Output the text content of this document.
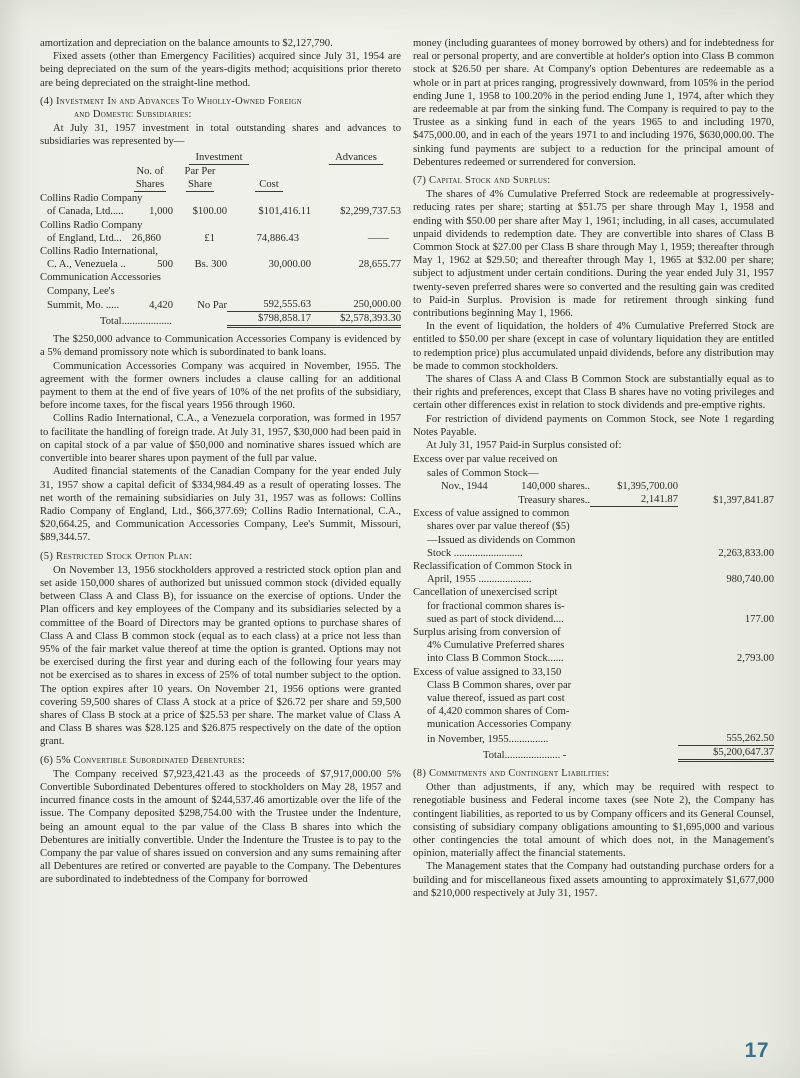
amortization and depreciation on the balance amounts to $2,127,790.

Fixed assets (other than Emergency Facilities) acquired since July 31, 1954 are being depreciated on the sum of the years-digits method; acquisitions prior thereto are being depreciated on the straight-line method.

(4) Investment In and Advances To Wholly-Owned Foreign
and Domestic Subsidiaries:

At July 31, 1957 investment in total outstanding shares and advances to subsidiaries was represented by—

Investment	Advances
No. of	Par Per
Shares	Share	Cost
Collins Radio Company
of Canada, Ltd.....	1,000	$100.00	$101,416.11	$2,299,737.53
Collins Radio Company
of England, Ltd... 26,860	£1	74,886.43	——
Collins Radio International,
C. A., Venezuela ..	500	Bs. 300	30,000.00	28,655.77
Communication Accessories
Company, Lee's
Summit, Mo. .....	4,420	No Par	592,555.63	250,000.00
Total...................	$798,858.17	$2,578,393.30

The $250,000 advance to Communication Accessories Company is evidenced by a 5% demand promissory note which is subordinated to bank loans.

Communication Accessories Company was acquired in November, 1955. The agreement with the former owners includes a clause calling for an additional payment to them at the end of five years of 10% of the net profits of the subsidiary, before income taxes, for the fiscal years 1956 through 1960.

Collins Radio International, C.A., a Venezuela corporation, was formed in 1957 to facilitate the handling of foreign trade. At July 31, 1957, $30,000 had been paid in on capital stock of a par value of $50,000 and nominative shares issued which are convertible into bearer shares upon payment of the full par value.

Audited financial statements of the Canadian Company for the year ended July 31, 1957 show a capital deficit of $334,984.49 as a result of operating losses. The net worth of the remaining subsidiaries on July 31, 1957 was as follows: Collins Radio Company of England, Ltd., $66,377.69; Collins Radio International, C.A., $20,664.25, and Communication Accessories Company, Lee's Summit, Missouri, $89,344.57.

(5) Restricted Stock Option Plan:

On November 13, 1956 stockholders approved a restricted stock option plan and set aside 150,000 shares of authorized but unissued common stock (divided equally between Class A and Class B), for issuance on the exercise of options. Under the Plan officers and key employees of the Company and its subsidiaries selected by a committee of the Board of Directors may be granted options to purchase shares of Class A and Class B common stock (equal as to each class) at a price not less than 95% of the fair market value thereof at time the option is granted. Options may not be exercised during the first year and during each of the following four years may not be exercised as to shares in excess of 25% of total number subject to the option. The option expires after 10 years. On November 21, 1956 options were granted covering 59,500 shares of Class A stock at a price of $26.72 per share and 59,500 shares of Class B stock at a price of $25.53 per share. The market value of Class A and Class B shares was $28.125 and $26.875 respectively on the date of the option grant.

(6) 5% Convertible Subordinated Debentures:

The Company received $7,923,421.43 as the proceeds of $7,917,000.00 5% Convertible Subordinated Debentures offered to stockholders on May 28, 1957 and incurred finance costs in the amount of $244,537.46 amortizable over the life of the issue. The Company deposited $298,754.00 with the Trustee under the Indenture, being an amount equal to the par value of the Class B shares into which the Debentures are initially convertible. Under the Indenture the Trustee is to pay to the Company the par value of shares issued on conversion and any sums remaining after all Debentures are retired or converted are payable to the Company. The Debentures are subordinated to indebtedness of the Company for borrowed

money (including guarantees of money borrowed by others) and for indebtedness for real or personal property, and are convertible at holder's option into Class B common stock at $26.50 per share. At Company's option Debentures are redeemable as a whole or in part at prices ranging, progressively downward, from 105% in the period ending June 1, 1958 to 100.20% in the period ending June 1, 1974, after which they are redeemable at par from the sinking fund. The Company is required to pay to the Trustee as a sinking fund in each of the years 1965 to and including 1970, $475,000.00, and in each of the years 1971 to and including 1976, $630,000.00. The sinking fund payments are subject to a reduction for the principal amount of Debentures redeemed or surrendered for conversion.

(7) Capital Stock and Surplus:

The shares of 4% Cumulative Preferred Stock are redeemable at progressively-reducing rates per share; starting at $51.75 per share through May 1, 1958 and ending with $50.00 per share after May 1, 1961; including, in all cases, accumulated unpaid dividends to redemption date. They are convertible into shares of Class B Common Stock at $27.00 per Class B share through May 1, 1959; thereafter through May 1, 1962 at $29.50; and thereafter through May 1, 1965 at $32.00 per share; subject to adjustment under certain conditions. During the year ended July 31, 1957 twenty-seven preferred shares were so converted and the resulting gain was credited to Paid-in Surplus. Provision is made for retirement through sinking fund contributions beginning May 1, 1966.

In the event of liquidation, the holders of 4% Cumulative Preferred Stock are entitled to $50.00 per share (except in case of voluntary liquidation they are entitled to redemption price) plus accumulated unpaid dividends, before any distribution may be made to common stockholders.

The shares of Class A and Class B Common Stock are substantially equal as to their rights and preferences, except that Class B shares have no voting privileges and certain other differences exist in relation to stock dividends and pre-emptive rights.

For restriction of dividend payments on Common Stock, see Note 1 regarding Notes Payable.

At July 31, 1957 Paid-in Surplus consisted of:

Excess over par value received on
sales of Common Stock—
Nov., 1944	140,000 shares..	$1,395,700.00
Treasury shares..	2,141.87	$1,397,841.87
Excess of value assigned to common
shares over par value thereof ($5)
—Issued as dividends on Common
Stock ..........................	2,263,833.00
Reclassification of Common Stock in
April, 1955 ....................	980,740.00
Cancellation of unexercised script
for fractional common shares is-
sued as part of stock dividend....	177.00
Surplus arising from conversion of
4% Cumulative Preferred shares
into Class B Common Stock......	2,793.00
Excess of value assigned to 33,150
Class B Common shares, over par
value thereof, issued as part cost
of 4,420 common shares of Com-
munication Accessories Company
in November, 1955...............	555,262.50
Total..................... -	$5,200,647.37
(8) Commitments and Contingent Liabilities:

Other than adjustments, if any, which may be required with respect to renegotiable business and Federal income taxes (see Note 2), the Company has contingent liabilities, as reported to us by Company officers and its General Counsel, consisting of subsidiary company obligations amounting to $1,695,000 and various other contingencies the total amount of which does not, in the Management's opinion, materially affect the financial statements.

The Management states that the Company had outstanding purchase orders for a building and for miscellaneous fixed assets amounting to approximately $1,677,000 and $210,000 respectively at July 31, 1957.

17
